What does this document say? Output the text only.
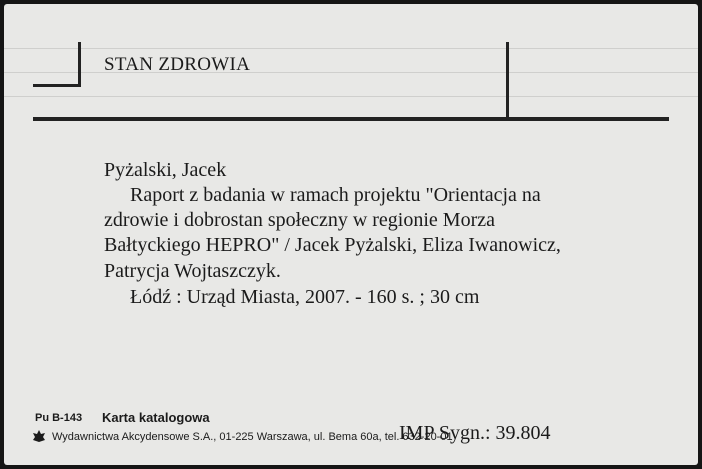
STAN ZDROWIA
Pyżalski, Jacek
Raport z badania w ramach projektu "Orientacja na
zdrowie i dobrostan społeczny w regionie Morza
Bałtyckiego HEPRO" / Jacek Pyżalski, Eliza Iwanowicz,
Patrycja Wojtaszczyk.
Łódź : Urząd Miasta, 2007. - 160 s. ; 30 cm
Pu B-143 Karta katalogowa
Wydawnictwa Akcydensowe S.A., 01-225 Warszawa, ul. Bema 60a, tel. 632-20-01
IMP Sygn.: 39.804
